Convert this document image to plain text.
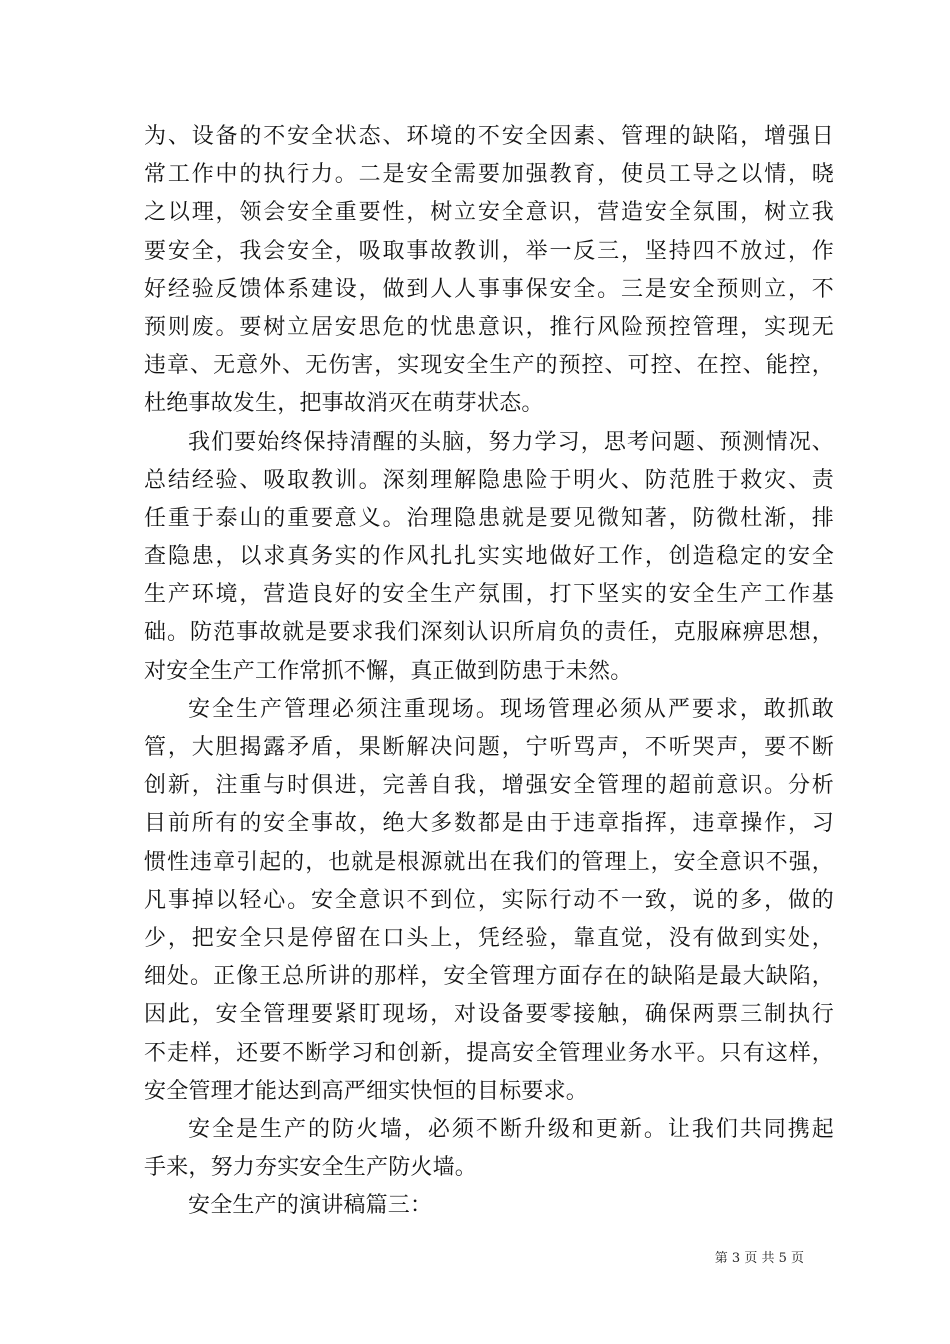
为、设备的不安全状态、环境的不安全因素、管理的缺陷，增强日
常工作中的执行力。二是安全需要加强教育，使员工导之以情，晓
之以理，领会安全重要性，树立安全意识，营造安全氛围，树立我
要安全，我会安全，吸取事故教训，举一反三，坚持四不放过，作
好经验反馈体系建设，做到人人事事保安全。三是安全预则立，不
预则废。要树立居安思危的忧患意识，推行风险预控管理，实现无
违章、无意外、无伤害，实现安全生产的预控、可控、在控、能控，
杜绝事故发生，把事故消灭在萌芽状态。
我们要始终保持清醒的头脑，努力学习，思考问题、预测情况、
总结经验、吸取教训。深刻理解隐患险于明火、防范胜于救灾、责
任重于泰山的重要意义。治理隐患就是要见微知著，防微杜渐，排
查隐患，以求真务实的作风扎扎实实地做好工作，创造稳定的安全
生产环境，营造良好的安全生产氛围，打下坚实的安全生产工作基
础。防范事故就是要求我们深刻认识所肩负的责任，克服麻痹思想，
对安全生产工作常抓不懈，真正做到防患于未然。
安全生产管理必须注重现场。现场管理必须从严要求，敢抓敢
管，大胆揭露矛盾，果断解决问题，宁听骂声，不听哭声，要不断
创新，注重与时俱进，完善自我，增强安全管理的超前意识。分析
目前所有的安全事故，绝大多数都是由于违章指挥，违章操作，习
惯性违章引起的，也就是根源就出在我们的管理上，安全意识不强，
凡事掉以轻心。安全意识不到位，实际行动不一致，说的多，做的
少，把安全只是停留在口头上，凭经验，靠直觉，没有做到实处，
细处。正像王总所讲的那样，安全管理方面存在的缺陷是最大缺陷，
因此，安全管理要紧盯现场，对设备要零接触，确保两票三制执行
不走样，还要不断学习和创新，提高安全管理业务水平。只有这样，
安全管理才能达到高严细实快恒的目标要求。
安全是生产的防火墙，必须不断升级和更新。让我们共同携起
手来，努力夯实安全生产防火墙。
安全生产的演讲稿篇三：
第 3 页 共 5 页
